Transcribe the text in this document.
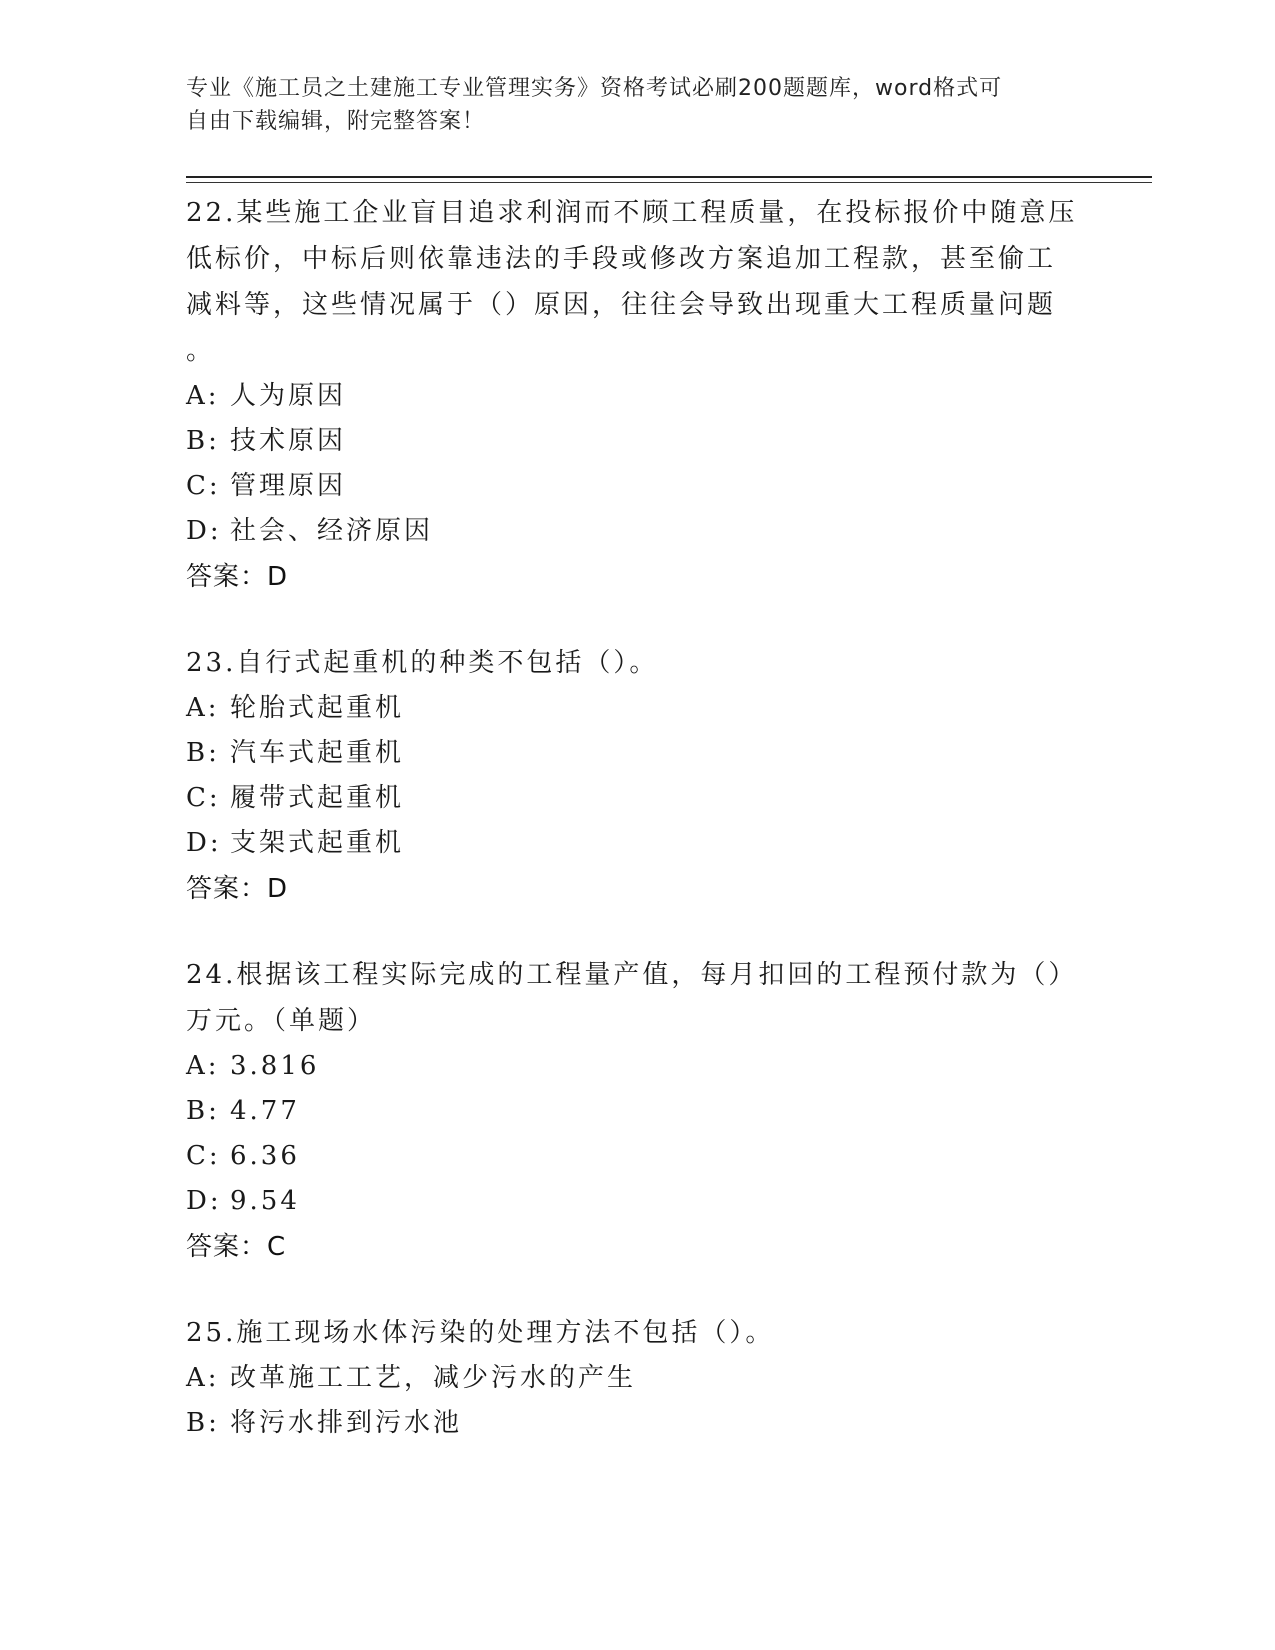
专业《施工员之土建施工专业管理实务》资格考试必刷200题题库，word格式可
自由下载编辑，附完整答案！

22.某些施工企业盲目追求利润而不顾工程质量，在投标报价中随意压

低标价，中标后则依靠违法的手段或修改方案追加工程款，甚至偷工

减料等，这些情况属于（）原因，往往会导致出现重大工程质量问题

。

A: 人为原因
B: 技术原因
C: 管理原因
D: 社会、经济原因
答案：D

23.自行式起重机的种类不包括（）。

A: 轮胎式起重机
B: 汽车式起重机
C: 履带式起重机
D: 支架式起重机
答案：D

24.根据该工程实际完成的工程量产值，每月扣回的工程预付款为（）

万元。（单题）

A: 3.816
B: 4.77
C: 6.36
D: 9.54
答案：C

25.施工现场水体污染的处理方法不包括（）。

A: 改革施工工艺，减少污水的产生
B: 将污水排到污水池
